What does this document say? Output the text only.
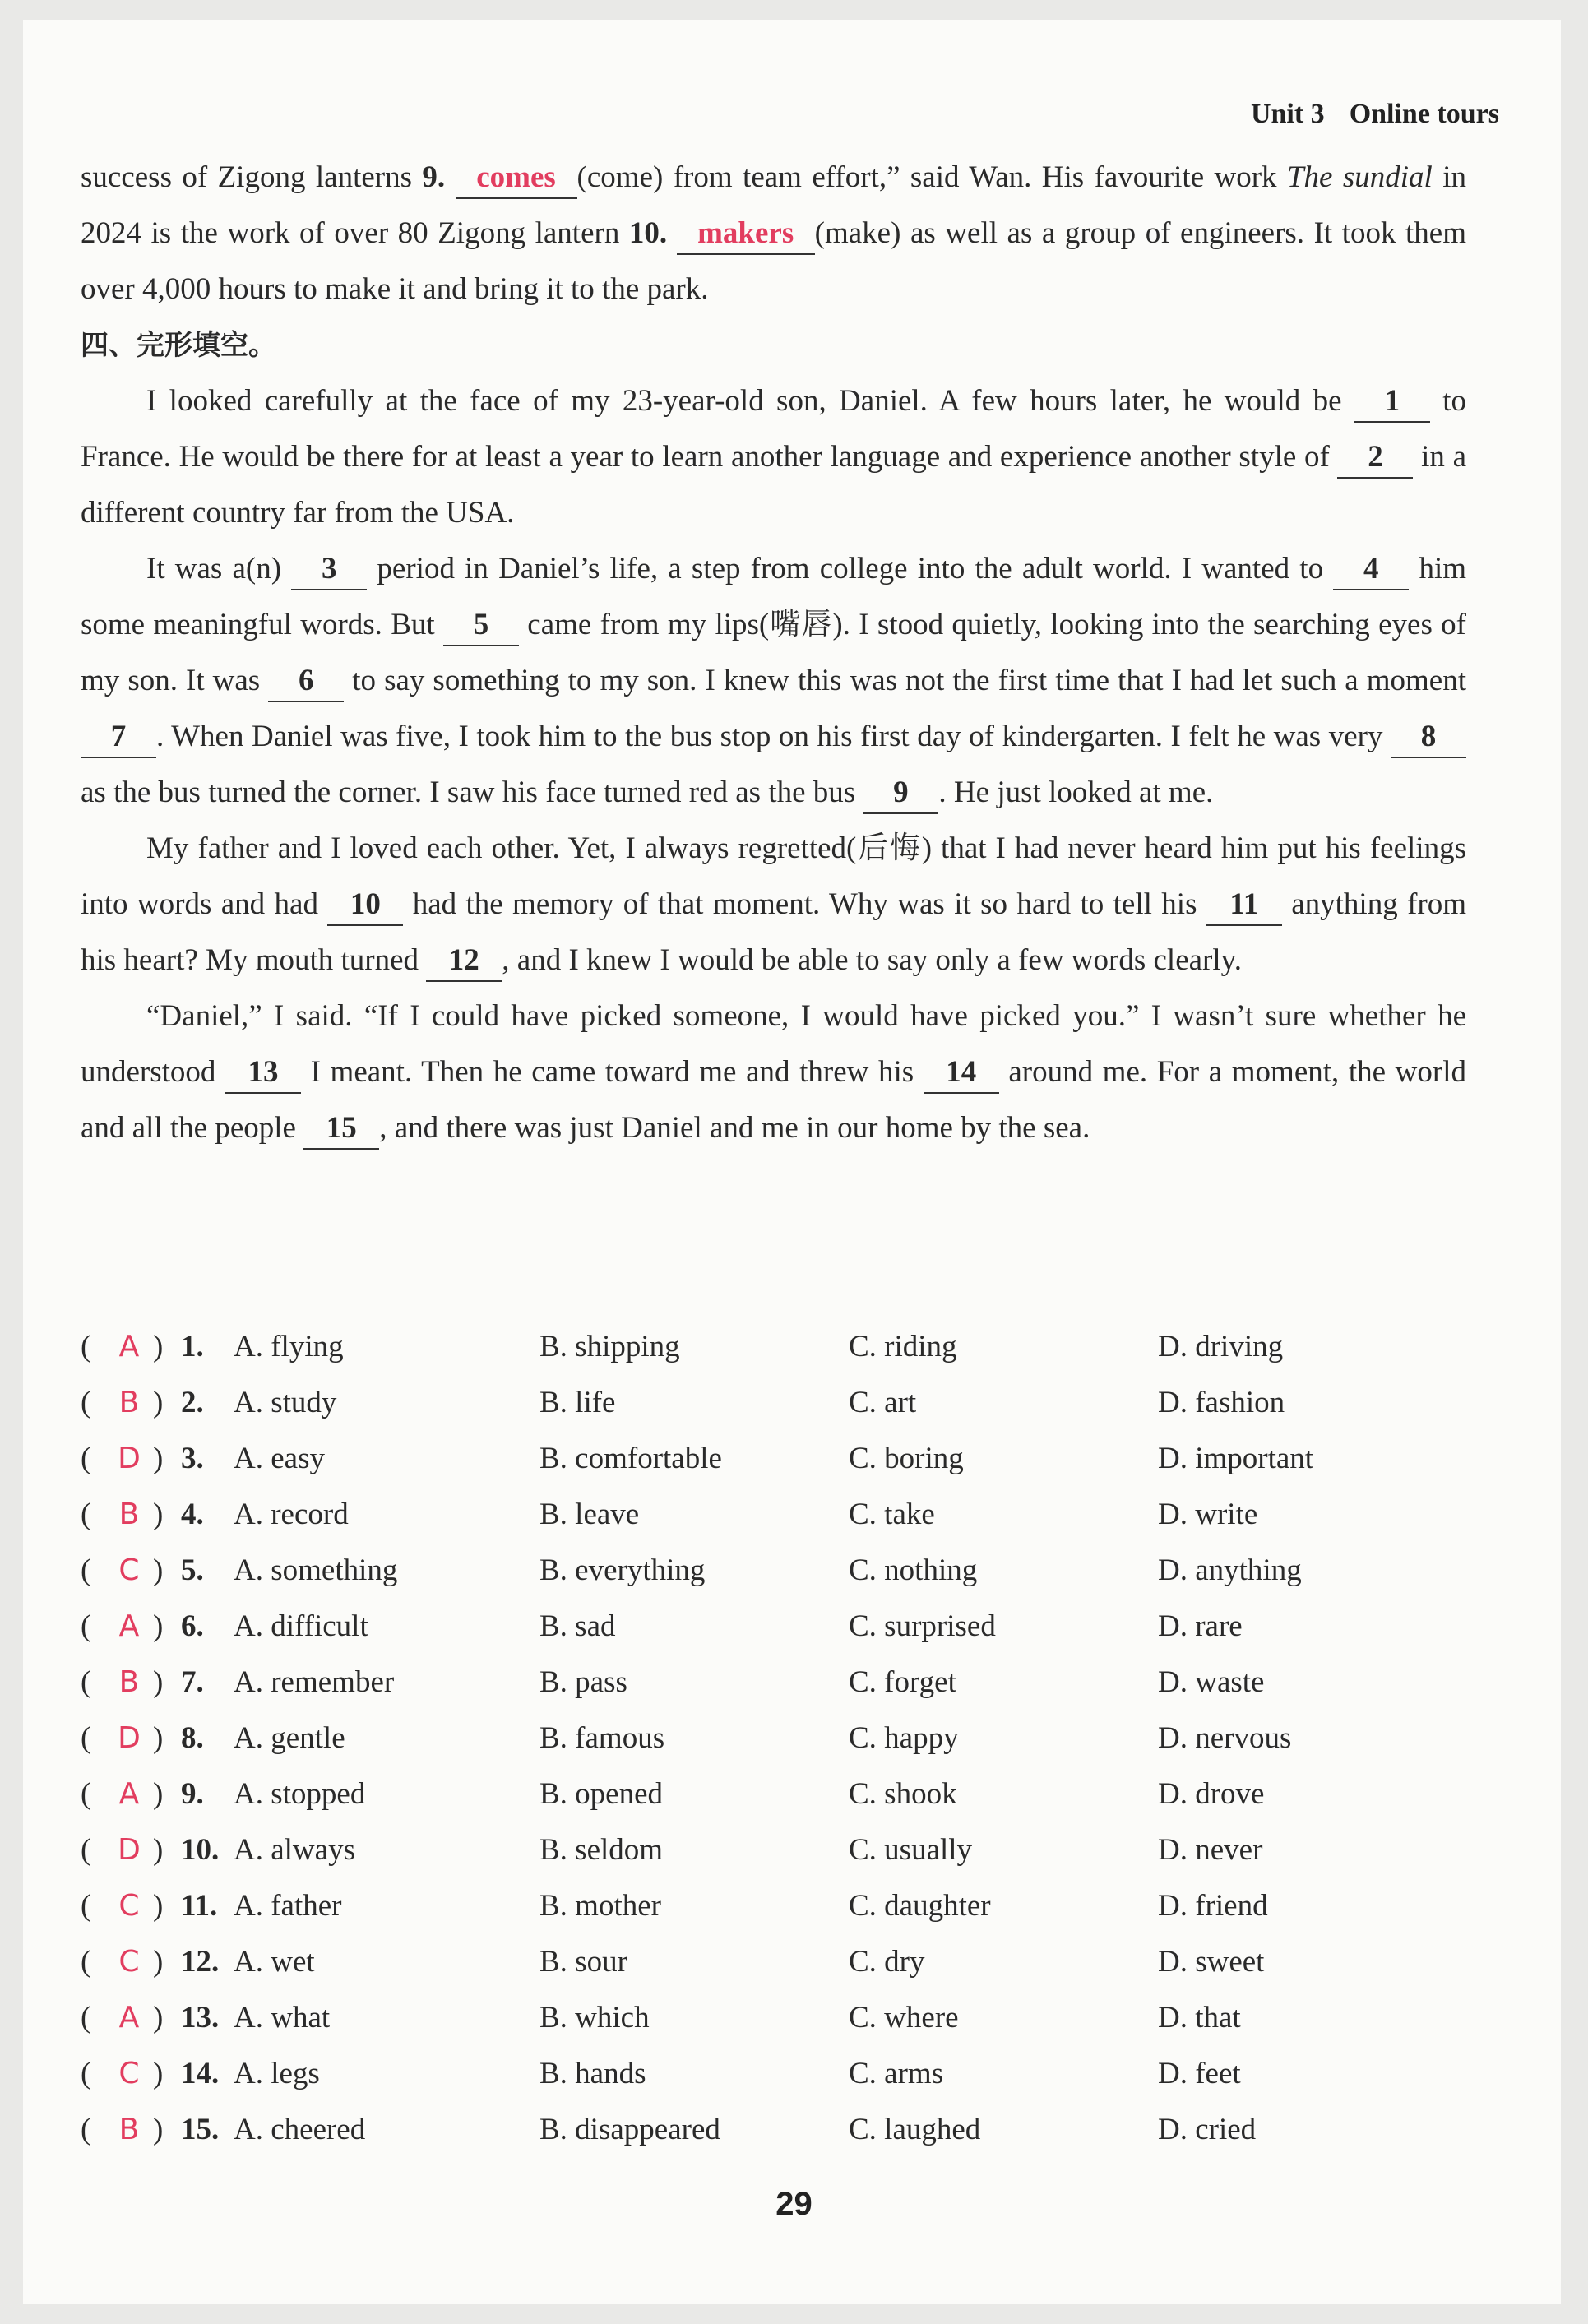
Unit 3 Online tours

success of Zigong lanterns 9. comes (come) from team effort,” said Wan. His favourite work The sundial in 2024 is the work of over 80 Zigong lantern 10. makers (make) as well as a group of engineers. It took them over 4,000 hours to make it and bring it to the park.

四、完形填空。

I looked carefully at the face of my 23-year-old son, Daniel. A few hours later, he would be 1 to France. He would be there for at least a year to learn another language and experience another style of 2 in a different country far from the USA.

It was a(n) 3 period in Daniel’s life, a step from college into the adult world. I wanted to 4 him some meaningful words. But 5 came from my lips(嘴唇). I stood quietly, looking into the searching eyes of my son. It was 6 to say something to my son. I knew this was not the first time that I had let such a moment 7 . When Daniel was five, I took him to the bus stop on his first day of kindergarten. I felt he was very 8 as the bus turned the corner. I saw his face turned red as the bus 9 . He just looked at me.

My father and I loved each other. Yet, I always regretted(后悔) that I had never heard him put his feelings into words and had 10 had the memory of that moment. Why was it so hard to tell his 11 anything from his heart? My mouth turned 12 , and I knew I would be able to say only a few words clearly.

“Daniel,” I said. “If I could have picked someone, I would have picked you.” I wasn’t sure whether he understood 13 I meant. Then he came toward me and threw his 14 around me. For a moment, the world and all the people 15 , and there was just Daniel and me in our home by the sea.

( A ) 1. A. flying	B. shipping	C. riding	D. driving
( B ) 2. A. study	B. life	C. art	D. fashion
( D ) 3. A. easy	B. comfortable	C. boring	D. important
( B ) 4. A. record	B. leave	C. take	D. write
( C ) 5. A. something	B. everything	C. nothing	D. anything
( A ) 6. A. difficult	B. sad	C. surprised	D. rare
( B ) 7. A. remember	B. pass	C. forget	D. waste
( D ) 8. A. gentle	B. famous	C. happy	D. nervous
( A ) 9. A. stopped	B. opened	C. shook	D. drove
( D ) 10. A. always	B. seldom	C. usually	D. never
( C ) 11. A. father	B. mother	C. daughter	D. friend
( C ) 12. A. wet	B. sour	C. dry	D. sweet
( A ) 13. A. what	B. which	C. where	D. that
( C ) 14. A. legs	B. hands	C. arms	D. feet
( B ) 15. A. cheered	B. disappeared	C. laughed	D. cried
29
